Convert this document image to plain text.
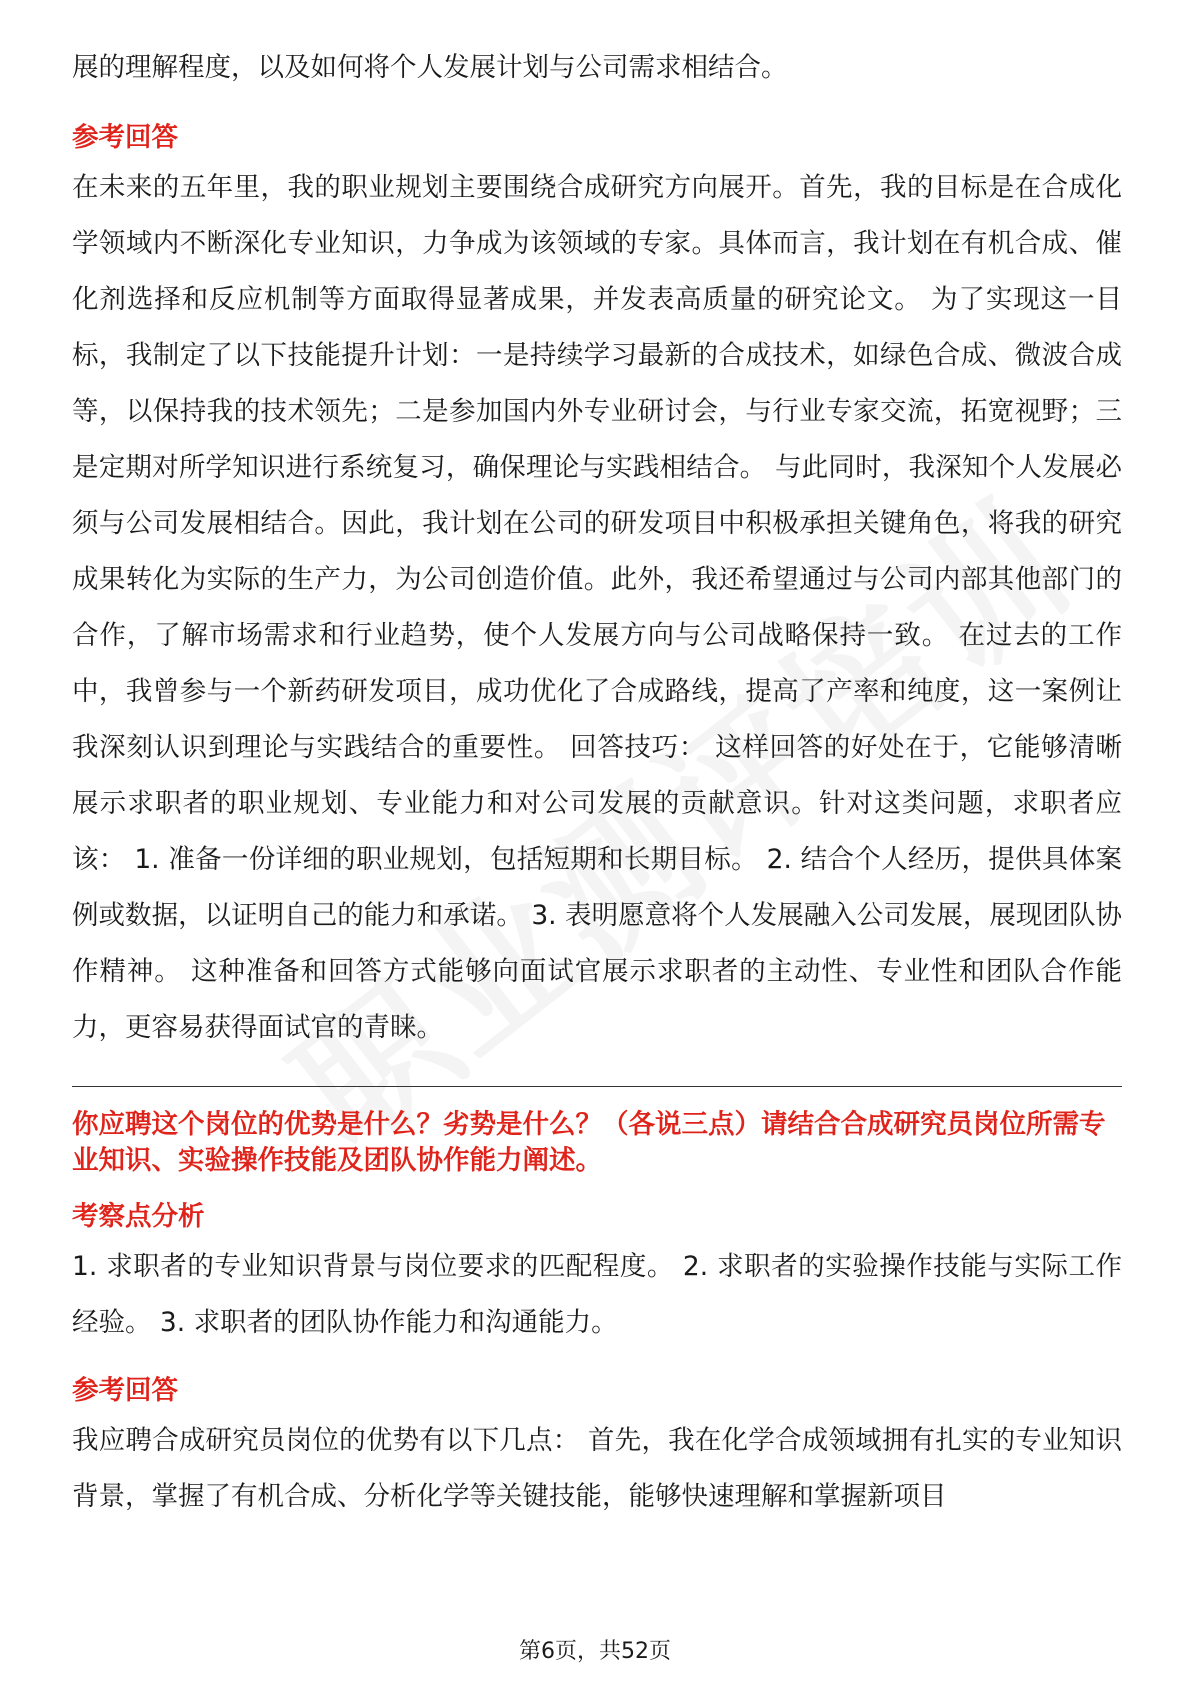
展的理解程度，以及如何将个人发展计划与公司需求相结合。

参考回答

在未来的五年里，我的职业规划主要围绕合成研究方向展开。首先，我的目标是在合成化学领域内不断深化专业知识，力争成为该领域的专家。具体而言，我计划在有机合成、催化剂选择和反应机制等方面取得显著成果，并发表高质量的研究论文。 为了实现这一目标，我制定了以下技能提升计划：一是持续学习最新的合成技术，如绿色合成、微波合成等，以保持我的技术领先；二是参加国内外专业研讨会，与行业专家交流，拓宽视野；三是定期对所学知识进行系统复习，确保理论与实践相结合。 与此同时，我深知个人发展必须与公司发展相结合。因此，我计划在公司的研发项目中积极承担关键角色，将我的研究成果转化为实际的生产力，为公司创造价值。此外，我还希望通过与公司内部其他部门的合作，了解市场需求和行业趋势，使个人发展方向与公司战略保持一致。 在过去的工作中，我曾参与一个新药研发项目，成功优化了合成路线，提高了产率和纯度，这一案例让我深刻认识到理论与实践结合的重要性。 回答技巧： 这样回答的好处在于，它能够清晰展示求职者的职业规划、专业能力和对公司发展的贡献意识。针对这类问题，求职者应该： 1. 准备一份详细的职业规划，包括短期和长期目标。 2. 结合个人经历，提供具体案例或数据，以证明自己的能力和承诺。 3. 表明愿意将个人发展融入公司发展，展现团队协作精神。 这种准备和回答方式能够向面试官展示求职者的主动性、专业性和团队合作能力，更容易获得面试官的青睐。

你应聘这个岗位的优势是什么？劣势是什么？（各说三点）请结合合成研究员岗位所需专业知识、实验操作技能及团队协作能力阐述。

考察点分析

1. 求职者的专业知识背景与岗位要求的匹配程度。 2. 求职者的实验操作技能与实际工作经验。 3. 求职者的团队协作能力和沟通能力。

参考回答

我应聘合成研究员岗位的优势有以下几点： 首先，我在化学合成领域拥有扎实的专业知识背景，掌握了有机合成、分析化学等关键技能，能够快速理解和掌握新项目

第6页，共52页
